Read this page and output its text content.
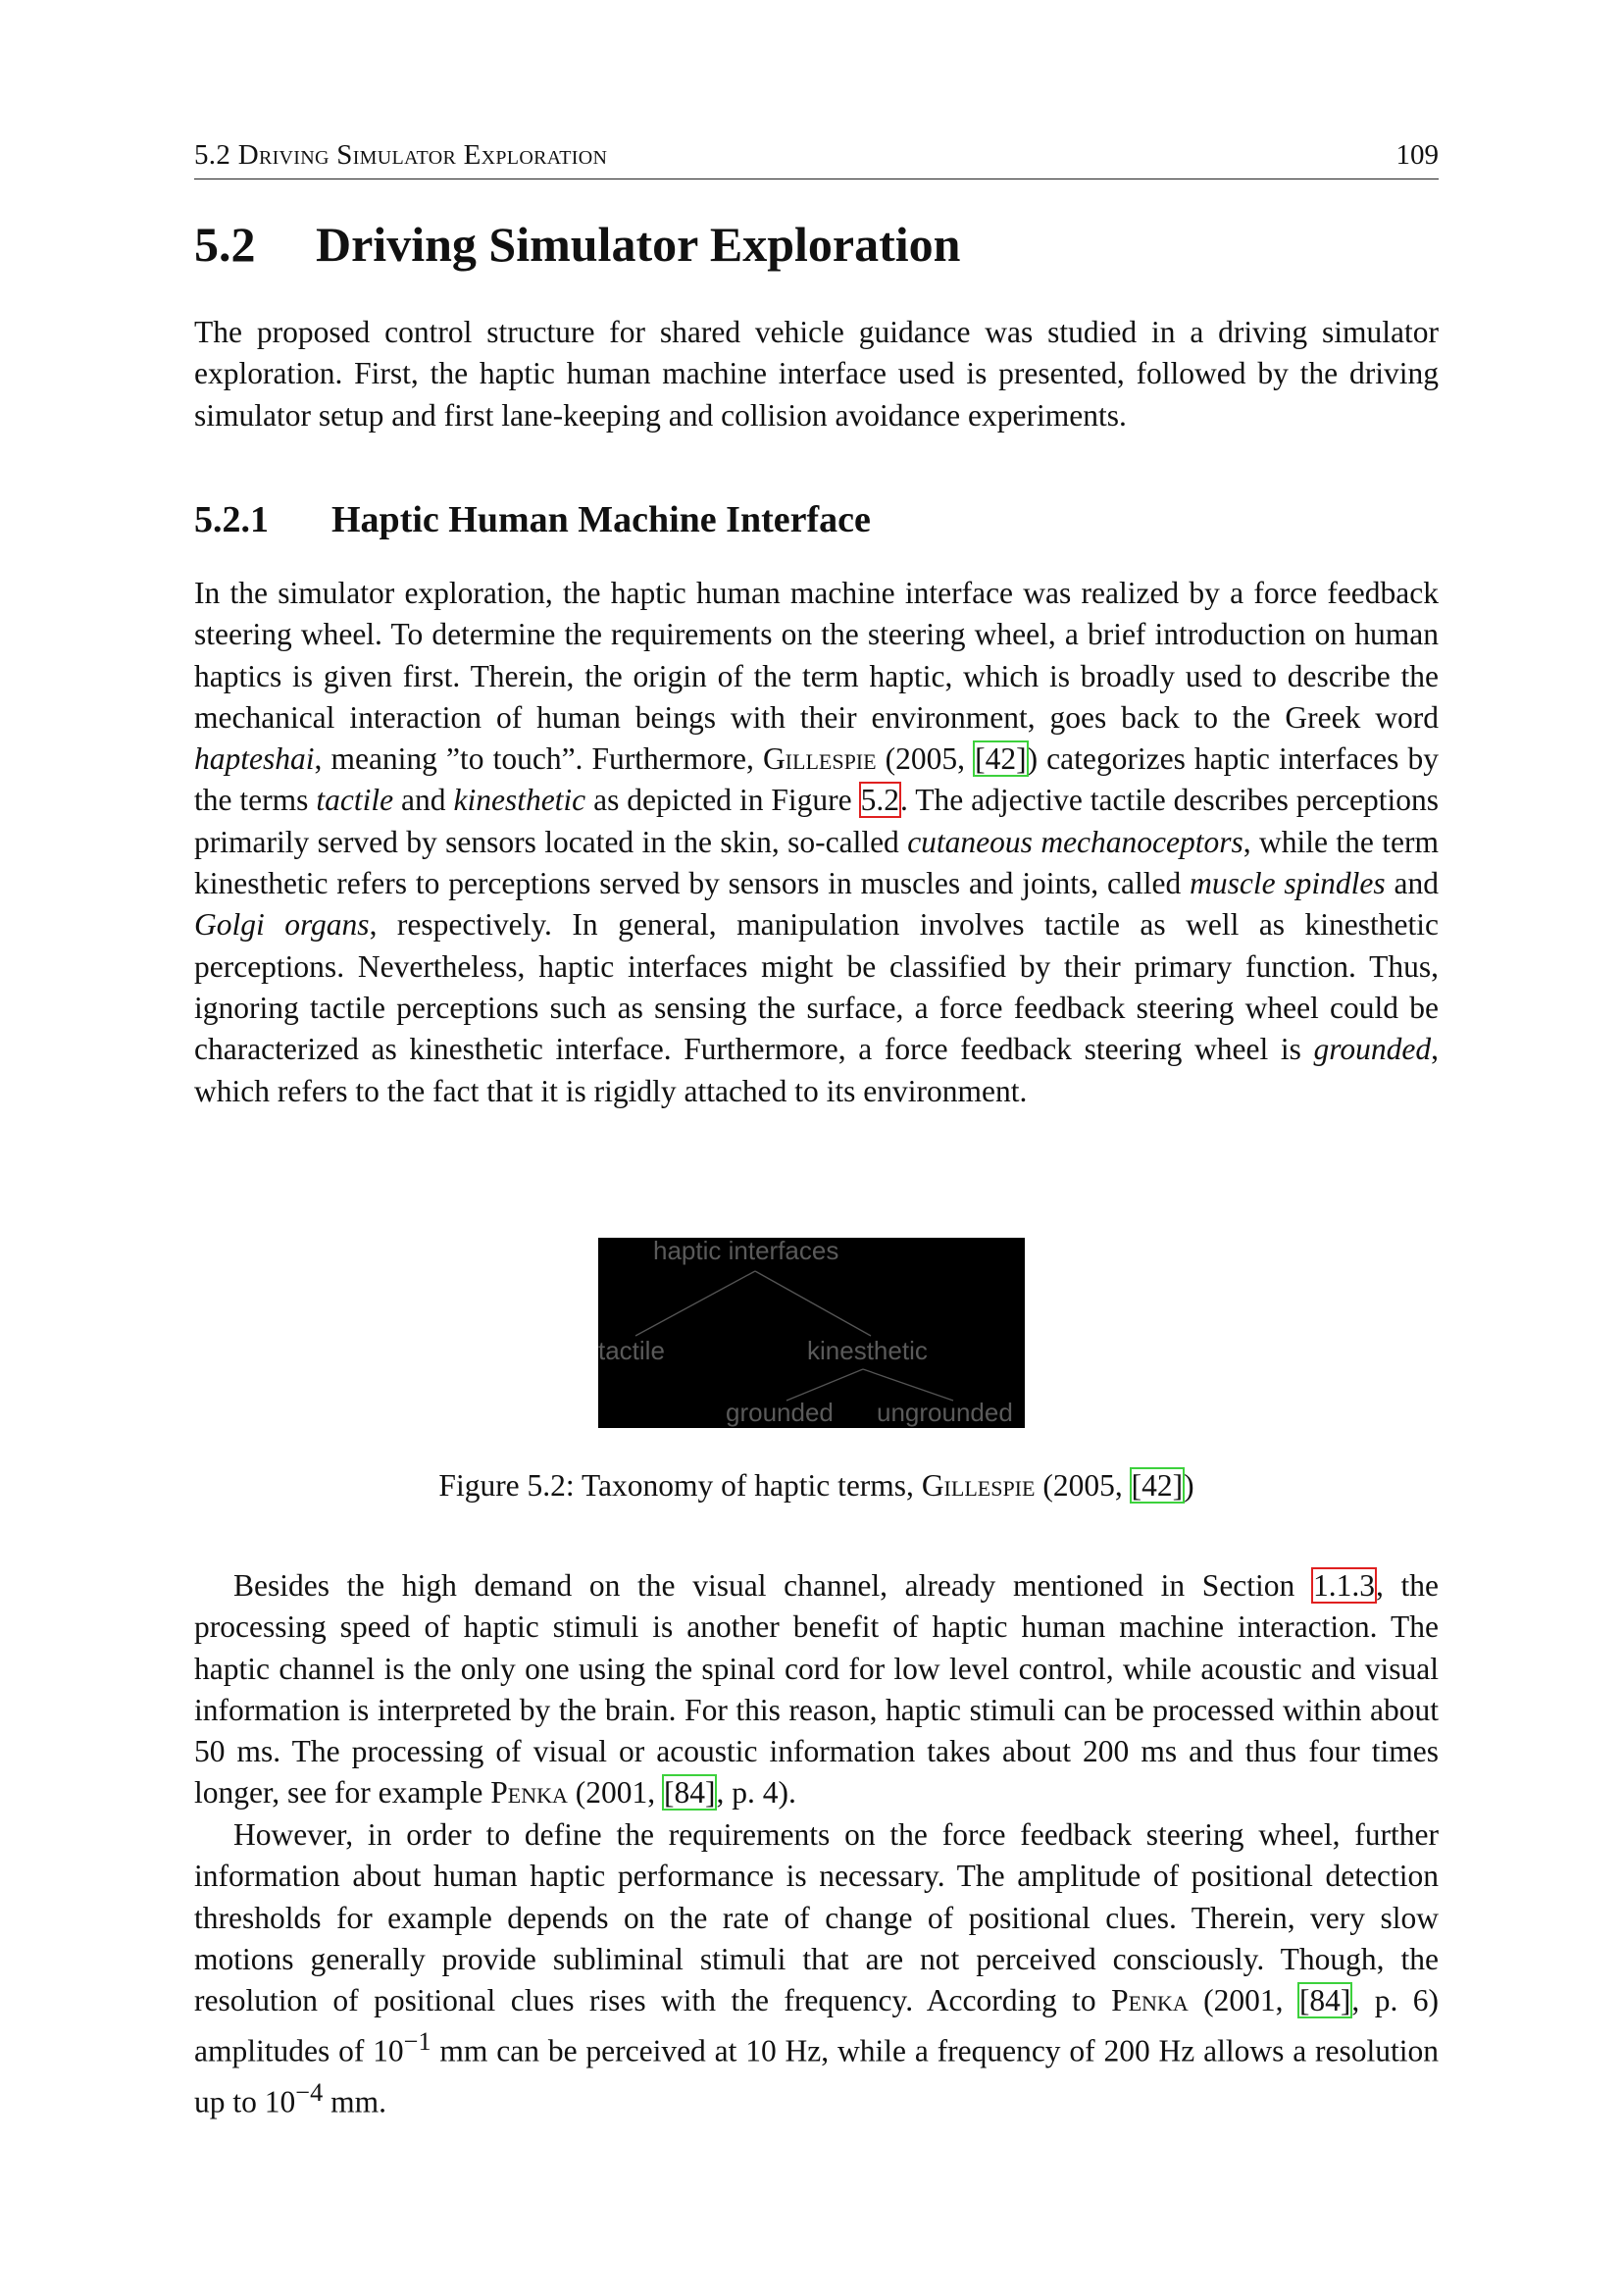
5.2 Driving Simulator Exploration	109
5.2 Driving Simulator Exploration

The proposed control structure for shared vehicle guidance was studied in a driving simulator exploration. First, the haptic human machine interface used is presented, followed by the driving simulator setup and first lane-keeping and collision avoidance experiments.

5.2.1 Haptic Human Machine Interface

In the simulator exploration, the haptic human machine interface was realized by a force feedback steering wheel. To determine the requirements on the steering wheel, a brief introduction on human haptics is given first. Therein, the origin of the term haptic, which is broadly used to describe the mechanical interaction of human beings with their environment, goes back to the Greek word hapteshai, meaning ”to touch”. Furthermore, Gillespie (2005, [42]) categorizes haptic interfaces by the terms tactile and kinesthetic as depicted in Figure 5.2. The adjective tactile describes perceptions primarily served by sensors located in the skin, so-called cutaneous mechanoceptors, while the term kinesthetic refers to perceptions served by sensors in muscles and joints, called muscle spindles and Golgi organs, respectively. In general, manipulation involves tactile as well as kinesthetic perceptions. Nevertheless, haptic interfaces might be classified by their primary function. Thus, ignoring tactile perceptions such as sensing the surface, a force feedback steering wheel could be characterized as kinesthetic interface. Furthermore, a force feedback steering wheel is grounded, which refers to the fact that it is rigidly attached to its environment.

haptic interfaces
tactile	kinesthetic
grounded ungrounded
Figure 5.2: Taxonomy of haptic terms, Gillespie (2005, [42])

Besides the high demand on the visual channel, already mentioned in Section 1.1.3, the processing speed of haptic stimuli is another benefit of haptic human machine interaction. The haptic channel is the only one using the spinal cord for low level control, while acoustic and visual information is interpreted by the brain. For this reason, haptic stimuli can be processed within about 50 ms. The processing of visual or acoustic information takes about 200 ms and thus four times longer, see for example Penka (2001, [84], p. 4).

However, in order to define the requirements on the force feedback steering wheel, further information about human haptic performance is necessary. The amplitude of positional detection thresholds for example depends on the rate of change of positional clues. Therein, very slow motions generally provide subliminal stimuli that are not perceived consciously. Though, the resolution of positional clues rises with the frequency. According to Penka (2001, [84], p. 6) amplitudes of $10^{-1}$ mm can be perceived at 10 Hz, while a frequency of 200 Hz allows a resolution up to $10^{-4}$ mm.
